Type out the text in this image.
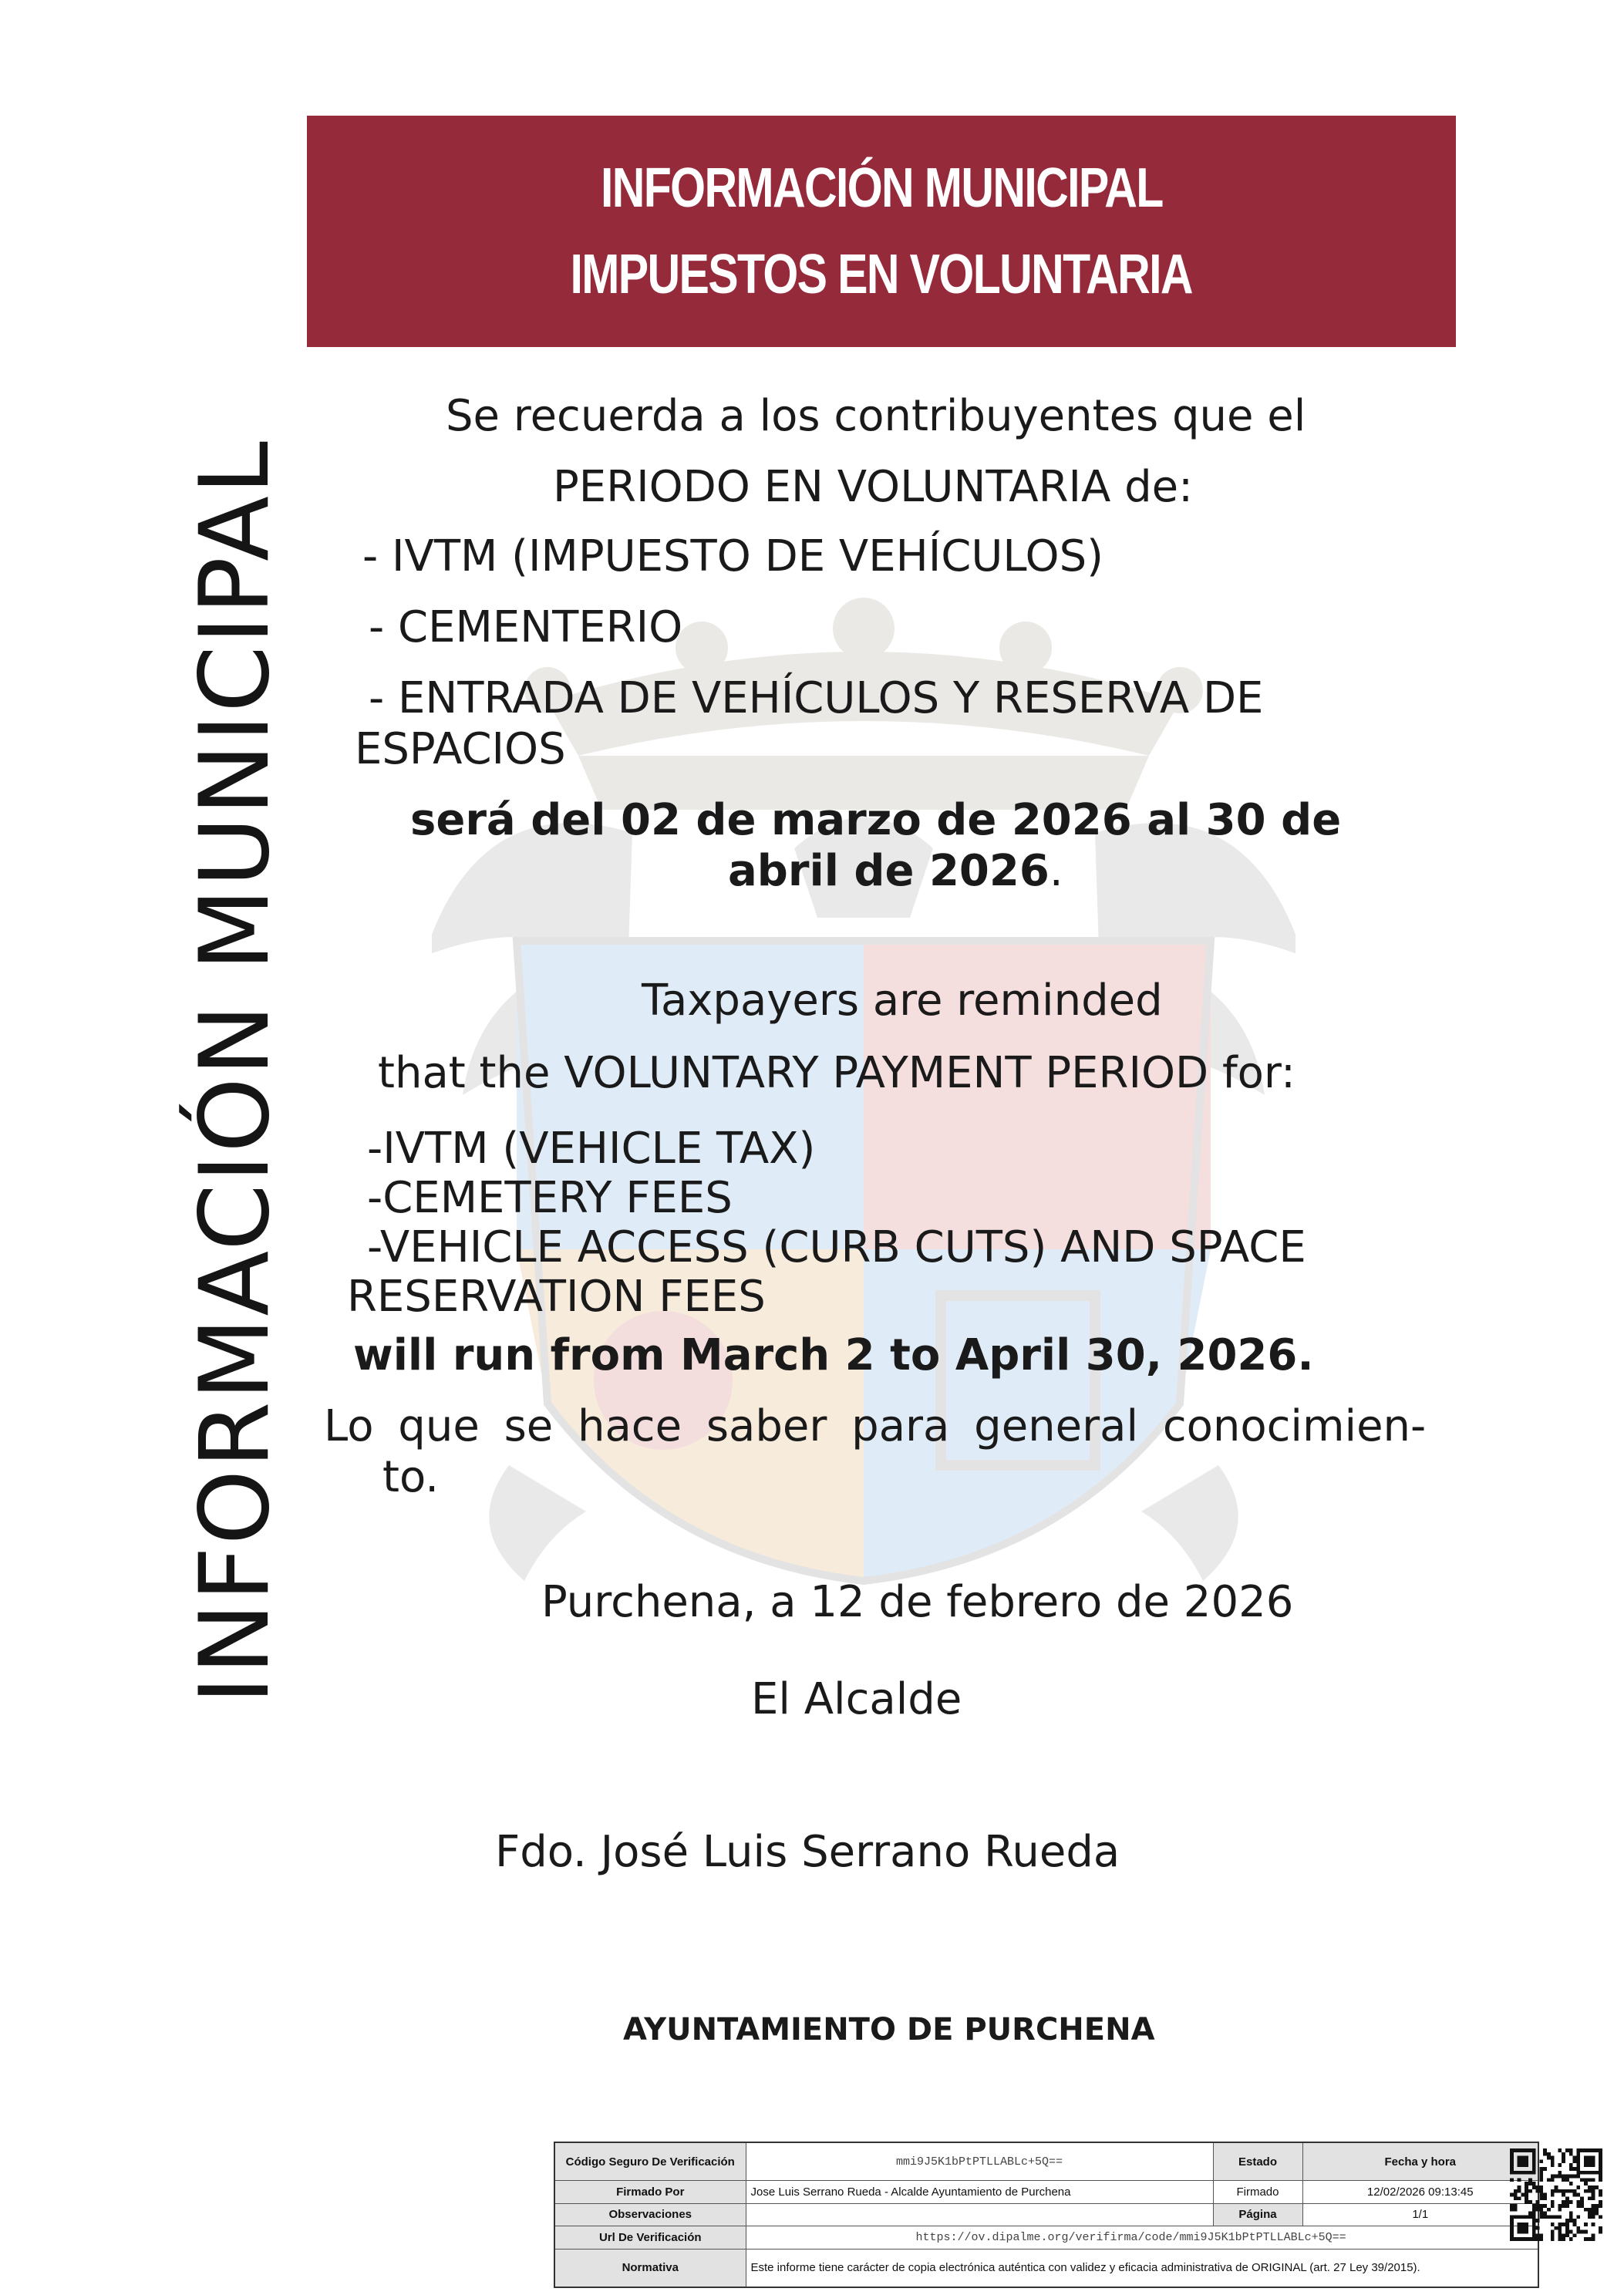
INFORMACIÓN MUNICIPAL
IMPUESTOS EN VOLUNTARIA
INFORMACIÓN MUNICIPAL
Se recuerda a los contribuyentes que el
PERIODO EN VOLUNTARIA de:
- IVTM (IMPUESTO DE VEHÍCULOS)
- CEMENTERIO
- ENTRADA DE VEHÍCULOS Y RESERVA DE
ESPACIOS
será del 02 de marzo de 2026 al 30 de
abril de 2026.
Taxpayers are reminded
that the VOLUNTARY PAYMENT PERIOD for:
-IVTM (VEHICLE TAX)
-CEMETERY FEES
-VEHICLE ACCESS (CURB CUTS) AND SPACE
RESERVATION FEES
will run from March 2 to April 30, 2026.
Lo que se hace saber para general conocimien-
to.
Purchena, a 12 de febrero de 2026
El Alcalde
Fdo. José Luis Serrano Rueda
AYUNTAMIENTO DE PURCHENA
Código Seguro De Verificación	mmi9J5K1bPtPTLLABLc+5Q==	Estado	Fecha y hora
Firmado Por	Jose Luis Serrano Rueda - Alcalde Ayuntamiento de Purchena	Firmado	12/02/2026 09:13:45
Observaciones		Página	1/1
Url De Verificación	https://ov.dipalme.org/verifirma/code/mmi9J5K1bPtPTLLABLc+5Q==		
Normativa	Este informe tiene carácter de copia electrónica auténtica con validez y eficacia administrativa de ORIGINAL (art. 27 Ley 39/2015).		
